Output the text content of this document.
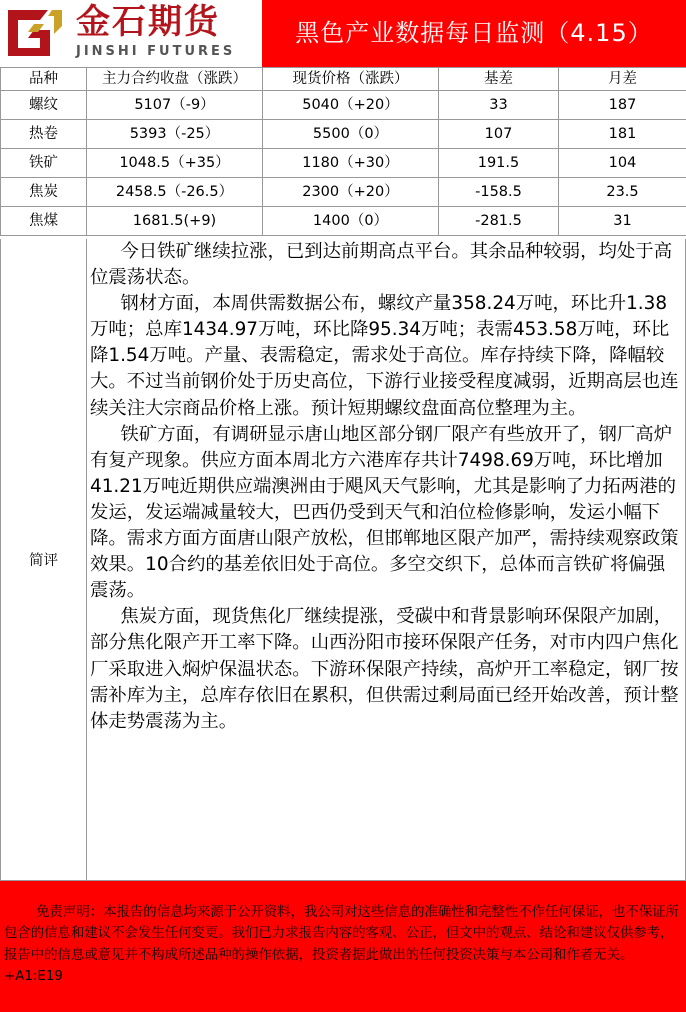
金石期货
JINSHI FUTURES
黑色产业数据每日监测（4.15）
品种	主力合约收盘（涨跌）	现货价格（涨跌）	基差	月差
螺纹	5107（-9）	5040（+20）	33	187
热卷	5393（-25）	5500（0）	107	181
铁矿	1048.5（+35）	1180（+30）	191.5	104
焦炭	2458.5（-26.5）	2300（+20）	-158.5	23.5
焦煤	1681.5(+9)	1400（0）	-281.5	31
简评

今日铁矿继续拉涨，已到达前期高点平台。其余品种较弱，均处于高位震荡状态。

钢材方面，本周供需数据公布，螺纹产量358.24万吨，环比升1.38万吨；总库1434.97万吨，环比降95.34万吨；表需453.58万吨，环比降1.54万吨。产量、表需稳定，需求处于高位。库存持续下降，降幅较大。不过当前钢价处于历史高位，下游行业接受程度减弱，近期高层也连续关注大宗商品价格上涨。预计短期螺纹盘面高位整理为主。

铁矿方面，有调研显示唐山地区部分钢厂限产有些放开了，钢厂高炉有复产现象。供应方面本周北方六港库存共计7498.69万吨，环比增加41.21万吨近期供应端澳洲由于飓风天气影响，尤其是影响了力拓两港的发运，发运端减量较大，巴西仍受到天气和泊位检修影响，发运小幅下降。需求方面方面唐山限产放松，但邯郸地区限产加严，需持续观察政策效果。10合约的基差依旧处于高位。多空交织下，总体而言铁矿将偏强震荡。

焦炭方面，现货焦化厂继续提涨，受碳中和背景影响环保限产加剧，部分焦化限产开工率下降。山西汾阳市接环保限产任务，对市内四户焦化厂采取进入焖炉保温状态。下游环保限产持续，高炉开工率稳定，钢厂按需补库为主，总库存依旧在累积，但供需过剩局面已经开始改善，预计整体走势震荡为主。

免责声明：本报告的信息均来源于公开资料，我公司对这些信息的准确性和完整性不作任何保证，也不保证所包含的信息和建议不会发生任何变更。我们已力求报告内容的客观、公正，但文中的观点、结论和建议仅供参考，报告中的信息或意见并不构成所述品种的操作依据，投资者据此做出的任何投资决策与本公司和作者无关。+A1:E19
